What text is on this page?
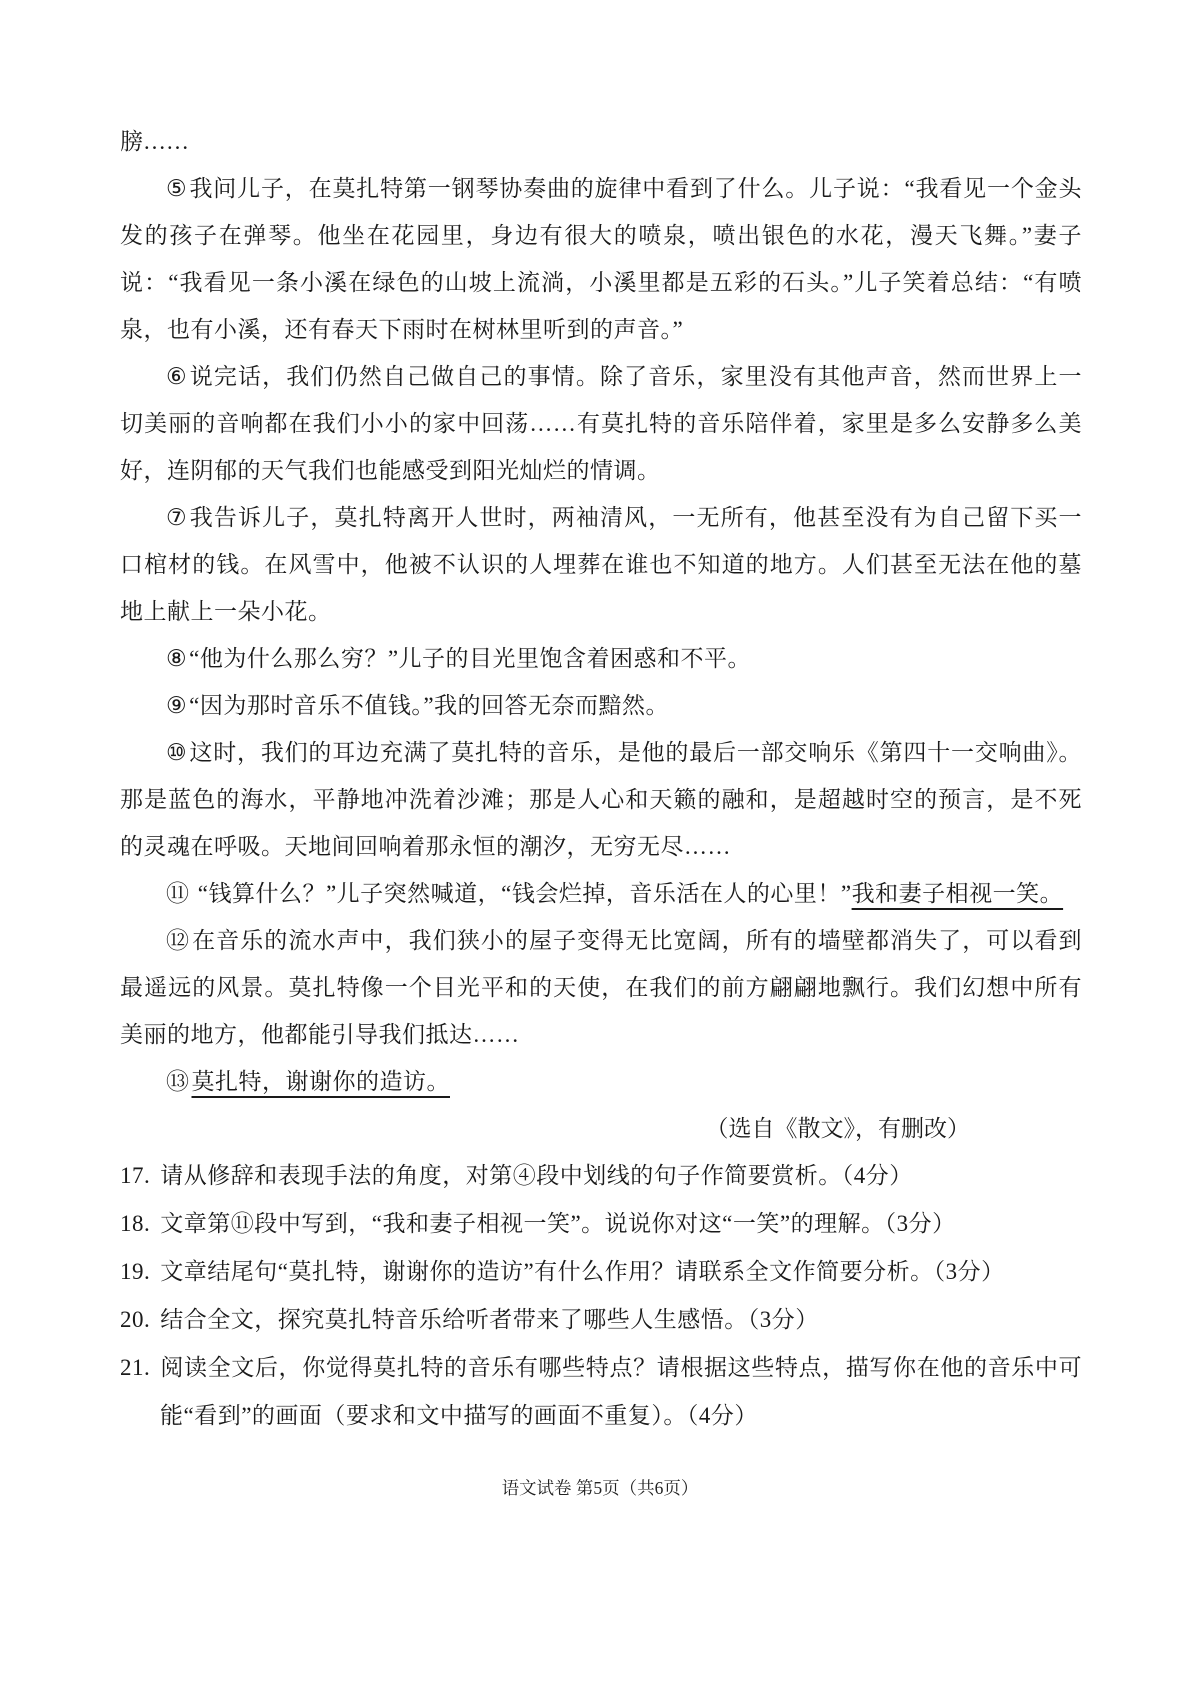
膀……

⑤我问儿子，在莫扎特第一钢琴协奏曲的旋律中看到了什么。儿子说：“我看见一个金头发的孩子在弹琴。他坐在花园里，身边有很大的喷泉，喷出银色的水花，漫天飞舞。”妻子说：“我看见一条小溪在绿色的山坡上流淌，小溪里都是五彩的石头。”儿子笑着总结：“有喷泉，也有小溪，还有春天下雨时在树林里听到的声音。”

⑥说完话，我们仍然自己做自己的事情。除了音乐，家里没有其他声音，然而世界上一切美丽的音响都在我们小小的家中回荡……有莫扎特的音乐陪伴着，家里是多么安静多么美好，连阴郁的天气我们也能感受到阳光灿烂的情调。

⑦我告诉儿子，莫扎特离开人世时，两袖清风，一无所有，他甚至没有为自己留下买一口棺材的钱。在风雪中，他被不认识的人埋葬在谁也不知道的地方。人们甚至无法在他的墓地上献上一朵小花。

⑧“他为什么那么穷？”儿子的目光里饱含着困惑和不平。

⑨“因为那时音乐不值钱。”我的回答无奈而黯然。

⑩这时，我们的耳边充满了莫扎特的音乐，是他的最后一部交响乐《第四十一交响曲》。那是蓝色的海水，平静地冲洗着沙滩；那是人心和天籁的融和，是超越时空的预言，是不死的灵魂在呼吸。天地间回响着那永恒的潮汐，无穷无尽……

⑪ “钱算什么？”儿子突然喊道，“钱会烂掉，音乐活在人的心里！”我和妻子相视一笑。

⑫在音乐的流水声中，我们狭小的屋子变得无比宽阔，所有的墙壁都消失了，可以看到最遥远的风景。莫扎特像一个目光平和的天使，在我们的前方翩翩地飘行。我们幻想中所有美丽的地方，他都能引导我们抵达……

⑬莫扎特，谢谢你的造访。

（选自《散文》，有删改）

17. 请从修辞和表现手法的角度，对第④段中划线的句子作简要赏析。（4分）

18. 文章第⑪段中写到，“我和妻子相视一笑”。说说你对这“一笑”的理解。（3分）

19. 文章结尾句“莫扎特，谢谢你的造访”有什么作用？请联系全文作简要分析。（3分）

20. 结合全文，探究莫扎特音乐给听者带来了哪些人生感悟。（3分）

21. 阅读全文后，你觉得莫扎特的音乐有哪些特点？请根据这些特点，描写你在他的音乐中可能“看到”的画面（要求和文中描写的画面不重复）。（4分）

语文试卷 第5页（共6页）
